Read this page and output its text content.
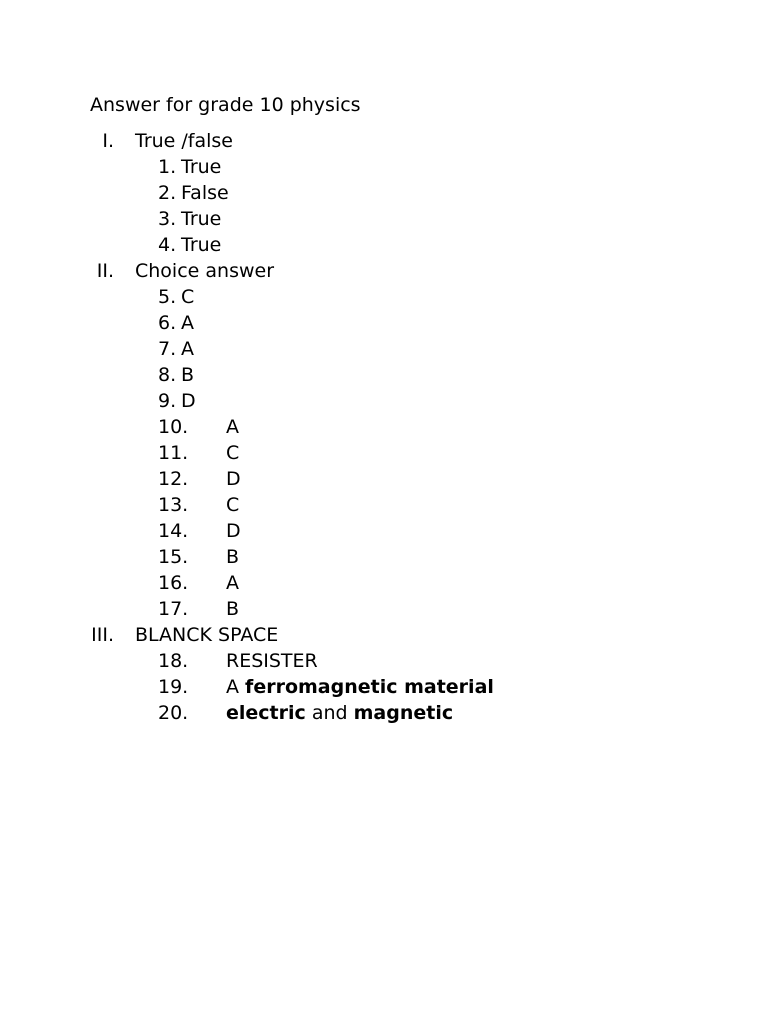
Answer for grade 10 physics
I. True /false
1. True
2. False
3. True
4. True
II. Choice answer
5. C
6. A
7. A
8. B
9. D
10. A
11. C
12. D
13. C
14. D
15. B
16. A
17. B
III. BLANCK SPACE
18. RESISTER
19. A ferromagnetic material
20. electric and magnetic
